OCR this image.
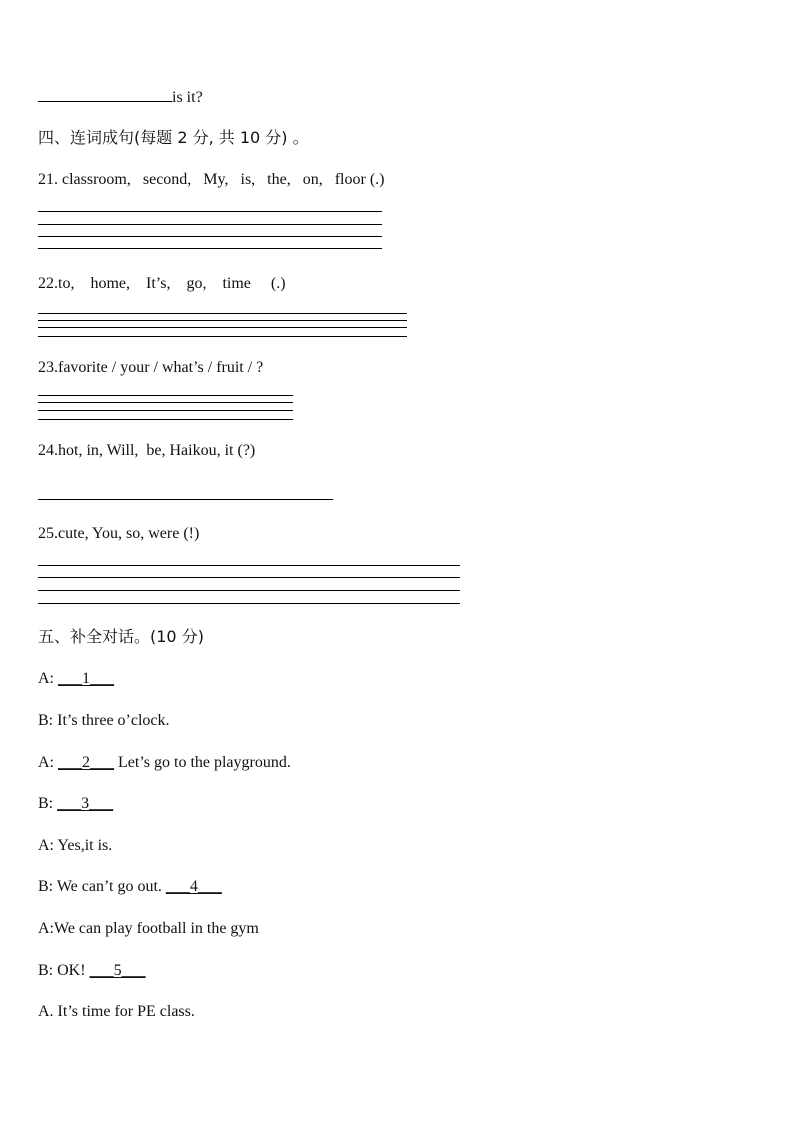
is it?
四、连词成句(每题 2 分, 共 10 分) 。
21. classroom,   second,   My,   is,   the,   on,   floor (.)
22.to,    home,    It’s,    go,    time     (.)
23.favorite / your / what’s / fruit / ?
24.hot, in, Will,  be, Haikou, it (?)
25.cute, You, so, were (!)
五、补全对话。(10 分)
A: ___1___
B: It’s three o’clock.
A: ___2___ Let’s go to the playground.
B: ___3___
A: Yes,it is.
B: We can’t go out. ___4___
A:We can play football in the gym
B: OK! ___5___
A. It’s time for PE class.
